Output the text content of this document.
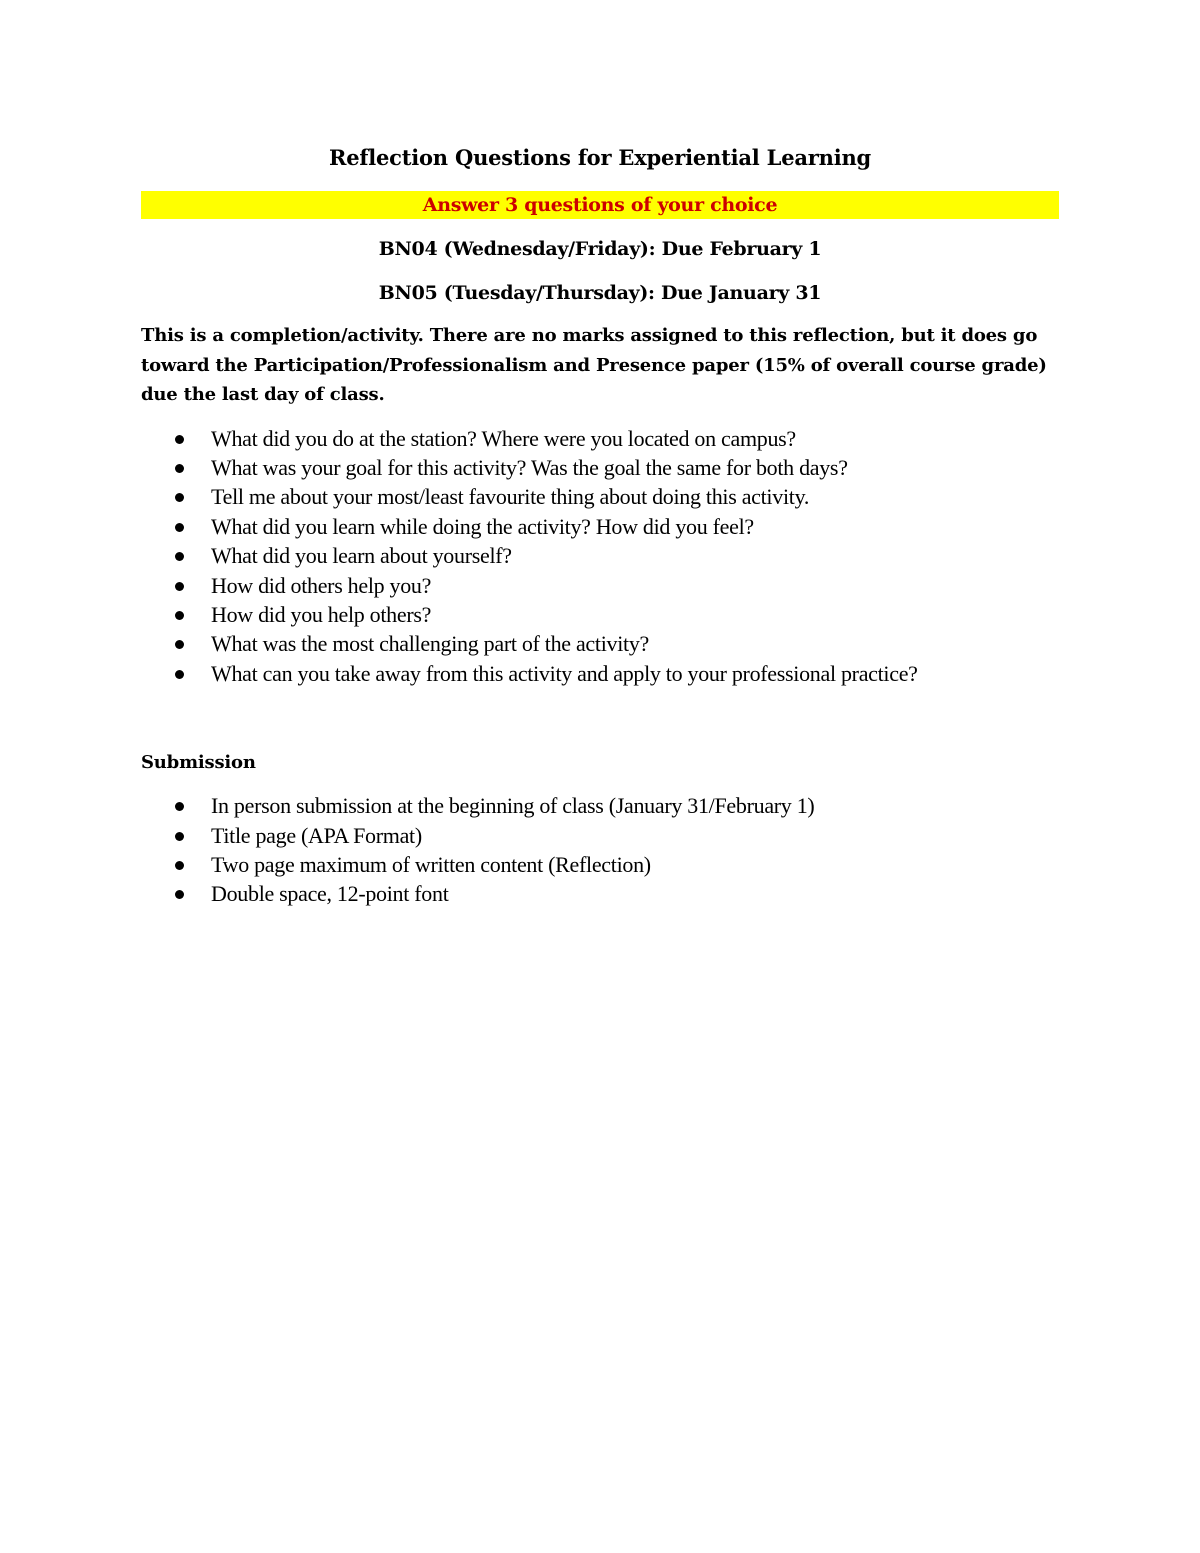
Reflection Questions for Experiential Learning
Answer 3 questions of your choice

BN04 (Wednesday/Friday): Due February 1

BN05 (Tuesday/Thursday): Due January 31

This is a completion/activity. There are no marks assigned to this reflection, but it does go toward the Participation/Professionalism and Presence paper (15% of overall course grade) due the last day of class.

What did you do at the station? Where were you located on campus?
What was your goal for this activity? Was the goal the same for both days?
Tell me about your most/least favourite thing about doing this activity.
What did you learn while doing the activity? How did you feel?
What did you learn about yourself?
How did others help you?
How did you help others?
What was the most challenging part of the activity?
What can you take away from this activity and apply to your professional practice?
Submission
In person submission at the beginning of class (January 31/February 1)
Title page (APA Format)
Two page maximum of written content (Reflection)
Double space, 12-point font
